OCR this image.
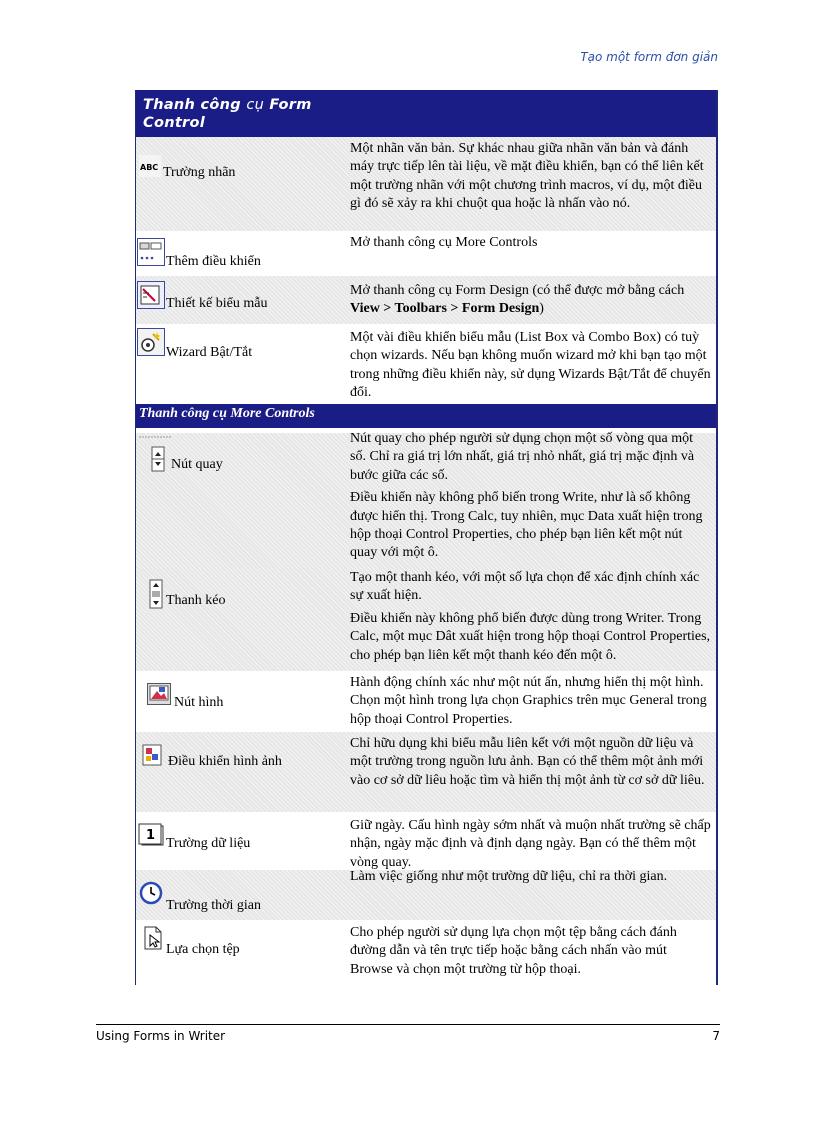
Tạo một form đơn giản
Thanh công cụ Form
Control
ABC Trường nhãn
Một nhãn văn bản. Sự khác nhau giữa nhãn văn bản và đánh máy trực tiếp lên tài liệu, về mặt điều khiển, bạn có thể liên kết một trường nhãn với một chương trình macros, ví dụ, một điều gì đó sẽ xảy ra khi chuột qua hoặc là nhấn vào nó.
Thêm điều khiển
Mở thanh công cụ More Controls
Thiết kế biểu mẫu
Mở thanh công cụ Form Design (có thể được mở bằng cách View > Toolbars > Form Design)
Wizard Bật/Tắt
Một vài điều khiển biểu mẫu (List Box và Combo Box) có tuỳ chọn wizards. Nếu bạn không muốn wizard mở khi bạn tạo một trong những điều khiển này, sử dụng Wizards Bật/Tắt để chuyển đổi.
Thanh công cụ More Controls
Nút quay

Nút quay cho phép người sử dụng chọn một số vòng qua một số. Chỉ ra giá trị lớn nhất, giá trị nhỏ nhất, giá trị mặc định và bước giữa các số.

Điều khiển này không phổ biến trong Write, như là số không được hiển thị. Trong Calc, tuy nhiên, mục Data xuất hiện trong hộp thoại Control Properties, cho phép bạn liên kết một nút quay với một ô.

Thanh kéo

Tạo một thanh kéo, với một số lựa chọn để xác định chính xác sự xuất hiện.

Điều khiển này không phổ biến được dùng trong Writer. Trong Calc, một mục Dât xuất hiện trong hộp thoại Control Properties, cho phép bạn liên kết một thanh kéo đến một ô.

Nút hình
Hành động chính xác như một nút ấn, nhưng hiển thị một hình. Chọn một hình trong lựa chọn Graphics trên mục General trong hộp thoại Control Properties.
Điều khiển hình ảnh
Chỉ hữu dụng khi biểu mẫu liên kết với một nguồn dữ liệu và một trường trong nguồn lưu ảnh. Bạn có thể thêm một ảnh mới vào cơ sở dữ liêu hoặc tìm và hiển thị một ảnh từ cơ sở dữ liêu.
1
Trường dữ liệu
Giữ ngày. Cấu hình ngày sớm nhất và muộn nhất trường sẽ chấp nhận, ngày mặc định và định dạng ngày. Bạn có thể thêm một vòng quay.
Trường thời gian
Làm việc giống như một trường dữ liệu, chỉ ra thời gian.
Lựa chọn tệp
Cho phép người sử dụng lựa chọn một tệp bằng cách đánh đường dẫn và tên trực tiếp hoặc bằng cách nhấn vào mút Browse và chọn một trường từ hộp thoại.
Using Forms in Writer	7
